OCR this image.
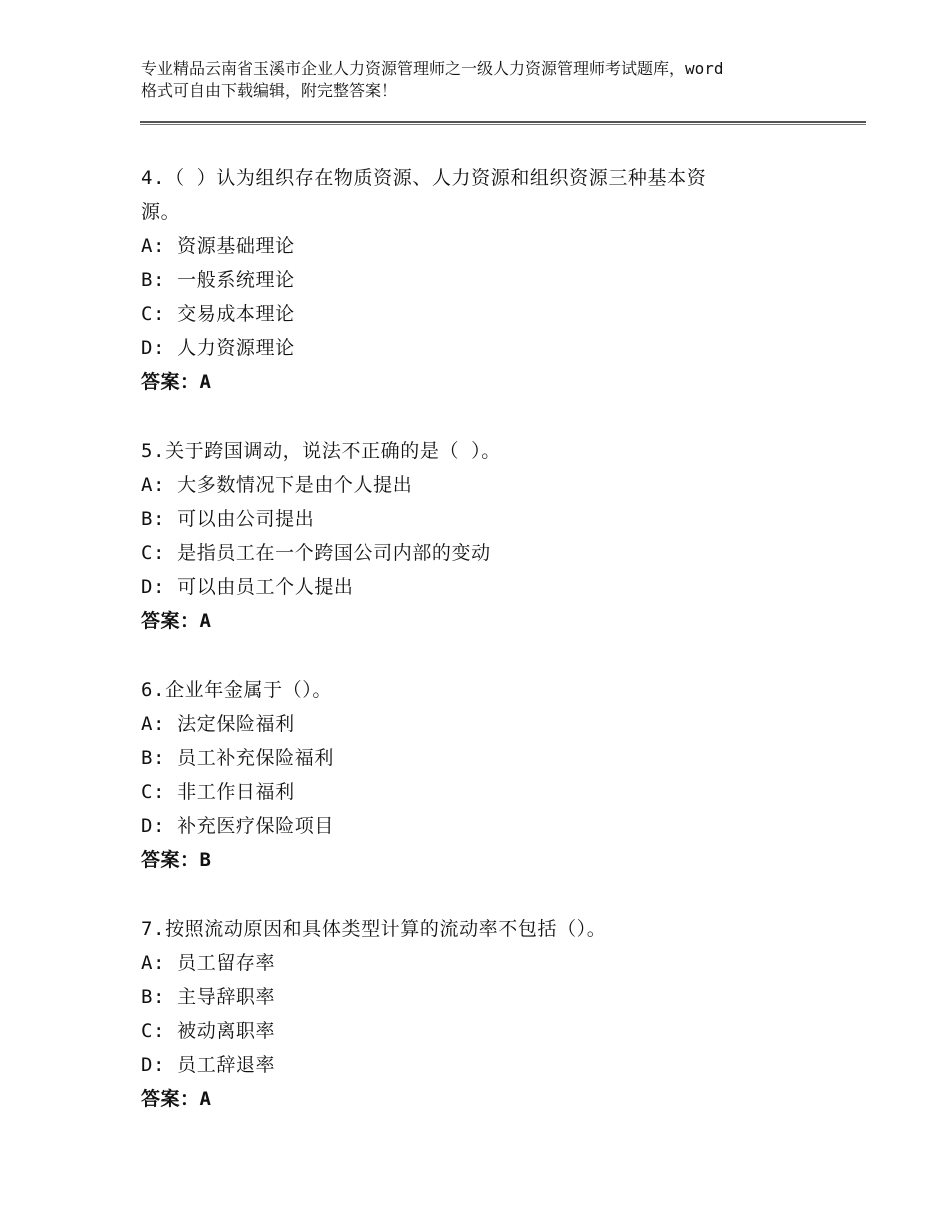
专业精品云南省玉溪市企业人力资源管理师之一级人力资源管理师考试题库，word
格式可自由下载编辑，附完整答案！
4.（ ）认为组织存在物质资源、人力资源和组织资源三种基本资
源。
A: 资源基础理论
B: 一般系统理论
C: 交易成本理论
D: 人力资源理论
答案：A
5.关于跨国调动，说法不正确的是（ ）。
A: 大多数情况下是由个人提出
B: 可以由公司提出
C: 是指员工在一个跨国公司内部的变动
D: 可以由员工个人提出
答案：A
6.企业年金属于（）。
A: 法定保险福利
B: 员工补充保险福利
C: 非工作日福利
D: 补充医疗保险项目
答案：B
7.按照流动原因和具体类型计算的流动率不包括（）。
A: 员工留存率
B: 主导辞职率
C: 被动离职率
D: 员工辞退率
答案：A
